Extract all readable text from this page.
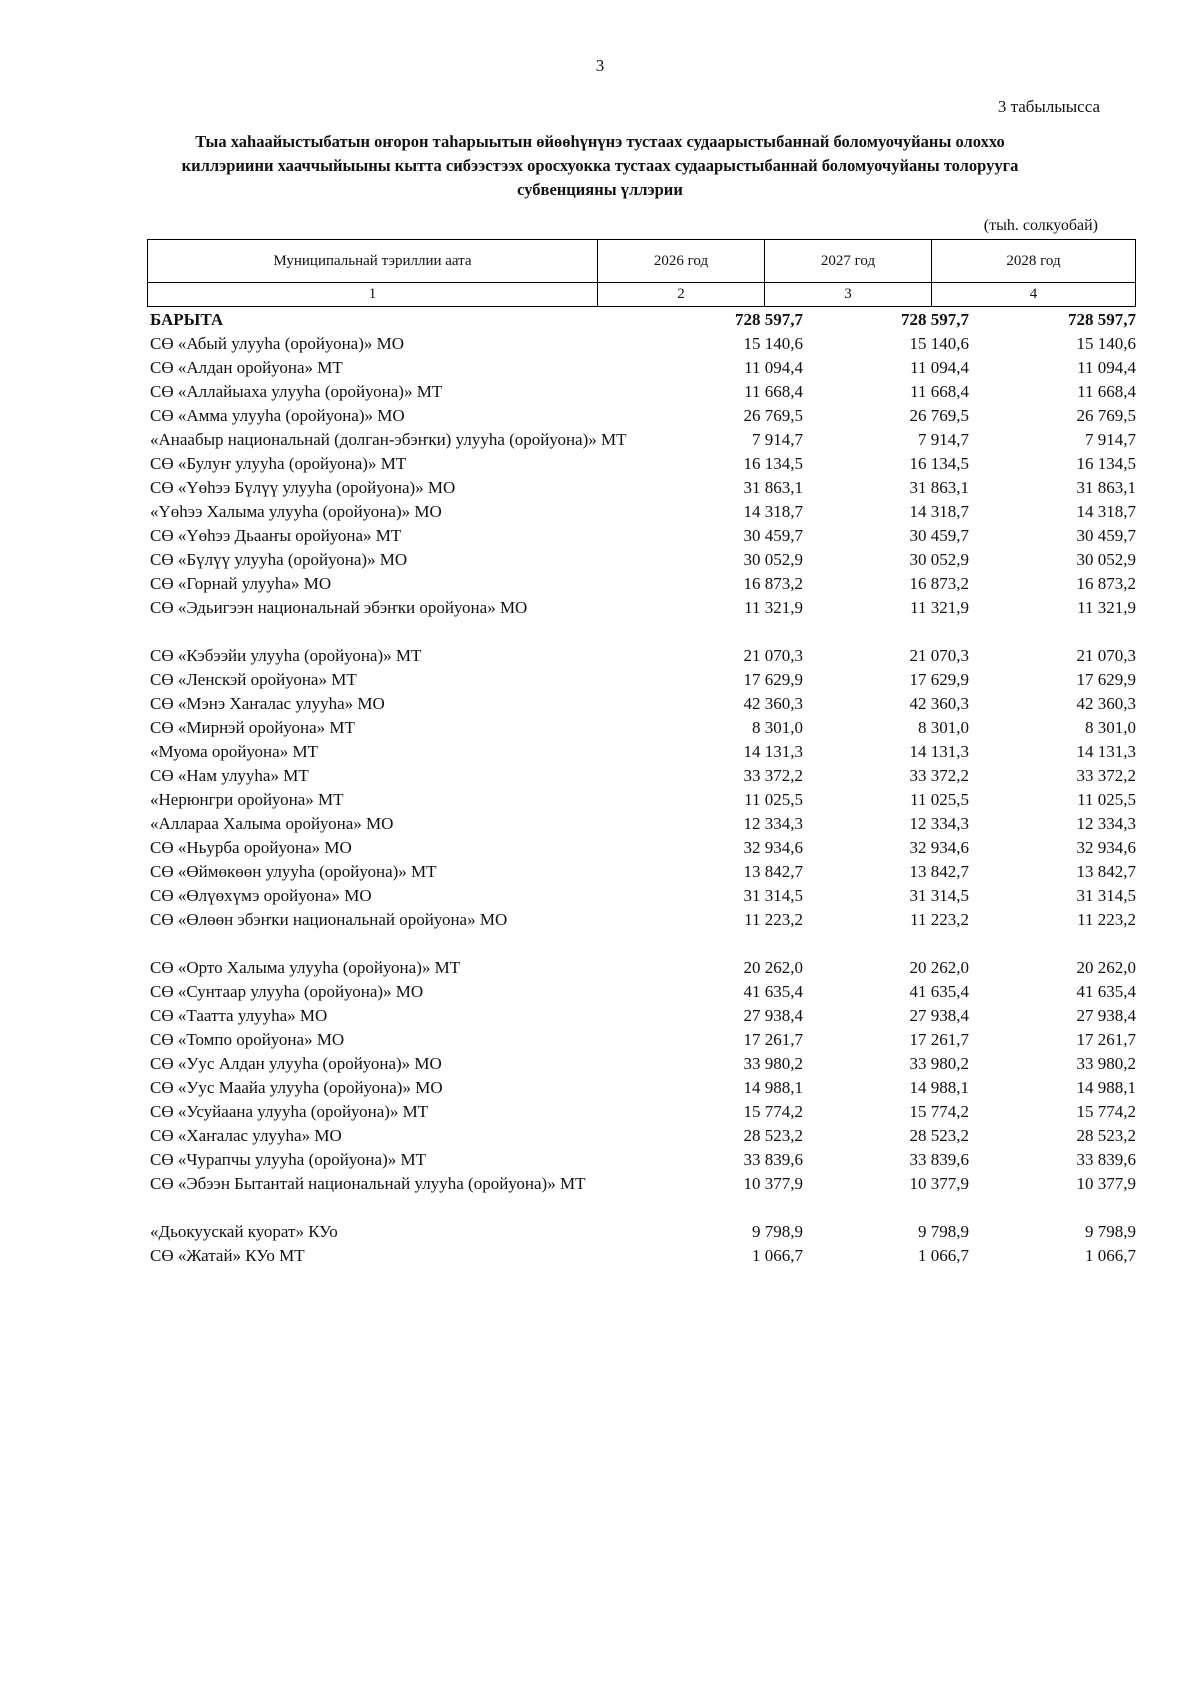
3
3 табылыысса
Тыа хаһаайыстыбатын оҥорон таһарыытын өйөөһүнүнэ тустаах судаарыстыбаннай боломуочуйаны олоххо
киллэриини хааччыйыыны кытта сибээстээх оросхуокка тустаах судаарыстыбаннай боломуочуйаны толорууга
субвенцияны үллэрии
(тыһ. солкуобай)
Муниципальнай тэриллии аата	2026 год	2027 год	2028 год
1	2	3	4
БАРЫТА	728 597,7	728 597,7	728 597,7
СӨ «Абый улууһа (оройуона)» МО	15 140,6	15 140,6	15 140,6
СӨ «Алдан оройуона» МТ	11 094,4	11 094,4	11 094,4
СӨ «Аллайыаха улууһа (оройуона)» МТ	11 668,4	11 668,4	11 668,4
СӨ «Амма улууһа (оройуона)» МО	26 769,5	26 769,5	26 769,5
«Анаабыр национальнай (долган-эбэҥки) улууһа (оройуона)» МТ	7 914,7	7 914,7	7 914,7
СӨ «Булуҥ улууһа (оройуона)» МТ	16 134,5	16 134,5	16 134,5
СӨ «Үөһээ Бүлүү улууһа (оройуона)» МО	31 863,1	31 863,1	31 863,1
«Үөһээ Халыма улууһа (оройуона)» МО	14 318,7	14 318,7	14 318,7
СӨ «Үөһээ Дьааҥы оройуона» МТ	30 459,7	30 459,7	30 459,7
СӨ «Бүлүү улууһа (оройуона)» МО	30 052,9	30 052,9	30 052,9
СӨ «Горнай улууһа» МО	16 873,2	16 873,2	16 873,2
СӨ «Эдьигээн национальнай эбэҥки оройуона» МО	11 321,9	11 321,9	11 321,9
СӨ «Кэбээйи улууһа (оройуона)» МТ	21 070,3	21 070,3	21 070,3
СӨ «Ленскэй оройуона» МТ	17 629,9	17 629,9	17 629,9
СӨ «Мэнэ Хаҥалас улууһа» МО	42 360,3	42 360,3	42 360,3
СӨ «Мирнэй оройуона» МТ	8 301,0	8 301,0	8 301,0
«Муома оройуона» МТ	14 131,3	14 131,3	14 131,3
СӨ «Нам улууһа» МТ	33 372,2	33 372,2	33 372,2
«Нерюнгри оройуона» МТ	11 025,5	11 025,5	11 025,5
«Аллараа Халыма оройуона» МО	12 334,3	12 334,3	12 334,3
СӨ «Ньурба оройуона» МО	32 934,6	32 934,6	32 934,6
СӨ «Өймөкөөн улууһа (оройуона)» МТ	13 842,7	13 842,7	13 842,7
СӨ «Өлүөхүмэ оройуона» МО	31 314,5	31 314,5	31 314,5
СӨ «Өлөөн эбэҥки национальнай оройуона» МО	11 223,2	11 223,2	11 223,2
СӨ «Орто Халыма улууһа (оройуона)» МТ	20 262,0	20 262,0	20 262,0
СӨ «Сунтаар улууһа (оройуона)» МО	41 635,4	41 635,4	41 635,4
СӨ «Таатта улууһа» МО	27 938,4	27 938,4	27 938,4
СӨ «Томпо оройуона» МО	17 261,7	17 261,7	17 261,7
СӨ «Уус Алдан улууһа (оройуона)» МО	33 980,2	33 980,2	33 980,2
СӨ «Уус Маайа улууһа (оройуона)» МО	14 988,1	14 988,1	14 988,1
СӨ «Усуйаана улууһа (оройуона)» МТ	15 774,2	15 774,2	15 774,2
СӨ «Хаҥалас улууһа» МО	28 523,2	28 523,2	28 523,2
СӨ «Чурапчы улууһа (оройуона)» МТ	33 839,6	33 839,6	33 839,6
СӨ «Эбээн Бытантай национальнай улууһа (оройуона)» МТ	10 377,9	10 377,9	10 377,9
«Дьокуускай куорат» КУо	9 798,9	9 798,9	9 798,9
СӨ «Жатай» КУо МТ	1 066,7	1 066,7	1 066,7
